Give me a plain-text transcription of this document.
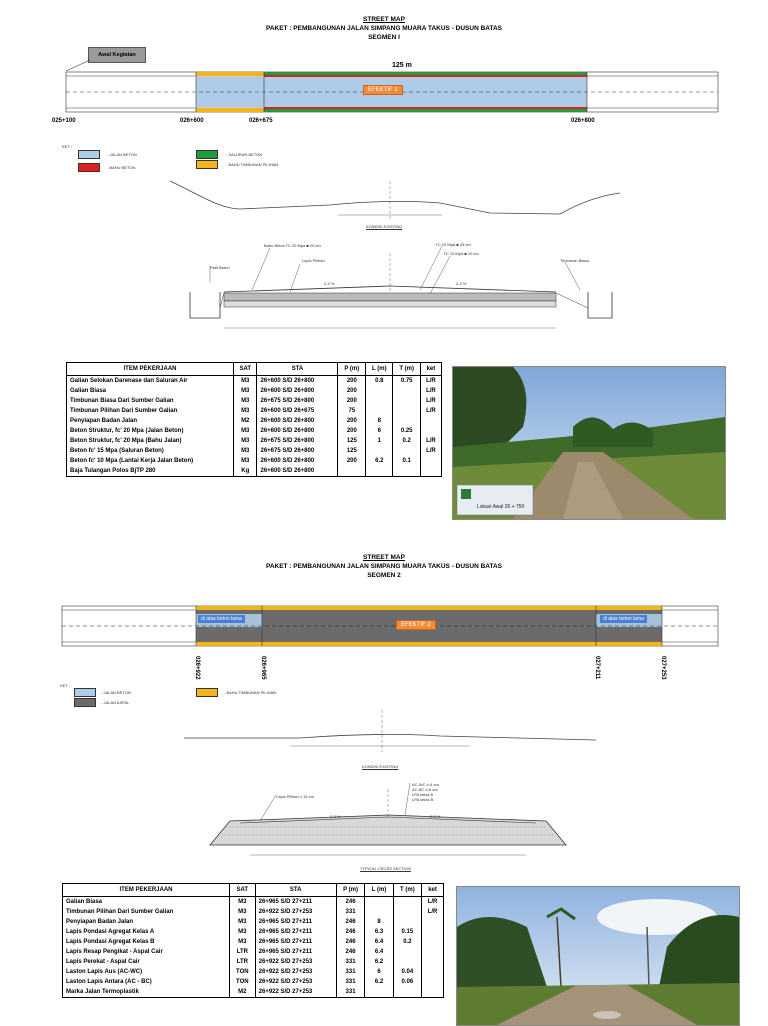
STREET MAP
PAKET : PEMBANGUNAN JALAN SIMPANG MUARA TAKUS - DUSUN BATAS
SEGMEN I
Awal Kegiatan
125 m
EFEKTIF 1
025+100	026+600	026+675	026+800
KET :
- JALAN BETON
- BAHU BETON
- SALURAN BETON
- BAHU TIMBUNAN PILIHAN
KONDISI EXISTING
Bahu Beton f'C 20 Mpa ■ 20 cm
Lapis Pilihan
f'C 20 Mpa ■ 25 cm
f'C 10 Mpa ■ 10 cm
Paril Beton
Timbunan Biasa
2-3 %	2-3 %
ITEM PEKERJAAN	SAT	STA	P (m)	L (m)	T (m)	ket
Galian Selokan Darenase dan Saluran Air	M3	26+600 S/D 26+800	200	0.8	0.75	L/R
Galian Biasa	M3	26+600 S/D 26+800	200			L/R
Timbunan Biasa Dari Sumber Galian	M3	26+675 S/D 26+800	200			L/R
Timbunan Pilihan Dari Sumber Galian	M3	26+600 S/D 26+675	75			L/R
Penyiapan Badan Jalan	M2	26+600 S/D 26+800	200	8		
Beton Struktur, fc' 20 Mpa (Jalan Beton)	M3	26+600 S/D 26+800	200	6	0.25	
Beton Struktur, fc' 20 Mpa (Bahu Jalan)	M3	26+675 S/D 26+800	125	1	0.2	L/R
Beton fc' 15 Mpa (Saluran Beton)	M3	26+675 S/D 26+800	125			L/R
Beton fc' 10 Mpa (Lantai Kerja Jalan Beton)	M3	26+600 S/D 26+800	200	6.2	0.1	
Baja Tulangan Polos BjTP 280	Kg	26+600 S/D 26+800				
Lokasi Awal 26 + 750
STREET MAP
PAKET : PEMBANGUNAN JALAN SIMPANG MUARA TAKUS - DUSUN BATAS
SEGMEN 2
di atas beton lama	di atas beton lama
EFEKTIF 2
026+922	026+965	027+211	027+253
KET :
- JALAN BETON
- JALAN ASPAL
- BAHU TIMBUNAN PILIHAN
KONDISI EXISTING
Lapis Pilihan ≥ 15 cm
AC-WC t=4 cm
AC-BC t=6 cm
LPA kelas A
LPA kelas B
2-3 %	2-3 %
TYPICAL CROSS SECTION
ITEM PEKERJAAN	SAT	STA	P (m)	L (m)	T (m)	ket
Galian Biasa	M3	26+965 S/D 27+211	246			L/R
Timbunan Pilihan Dari Sumber Galian	M3	26+922 S/D 27+253	331			L/R
Penyiapan Badan Jalan	M3	26+965 S/D 27+211	246	8		
Lapis Pondasi Agregat Kelas A	M3	26+965 S/D 27+211	246	6.3	0.15	
Lapis Pondasi Agregat Kelas B	M3	26+965 S/D 27+211	246	6.4	0.2	
Lapis Resap Pengikat - Aspal Cair	LTR	26+965 S/D 27+211	246	6.4		
Lapis Perekat - Aspal Cair	LTR	26+922 S/D 27+253	331	6.2		
Laston Lapis Aus (AC-WC)	TON	26+922 S/D 27+253	331	6	0.04	
Laston Lapis Antara (AC - BC)	TON	26+922 S/D 27+253	331	6.2	0.06	
Marka Jalan Termoplastik	M2	26+922 S/D 27+253	331			
